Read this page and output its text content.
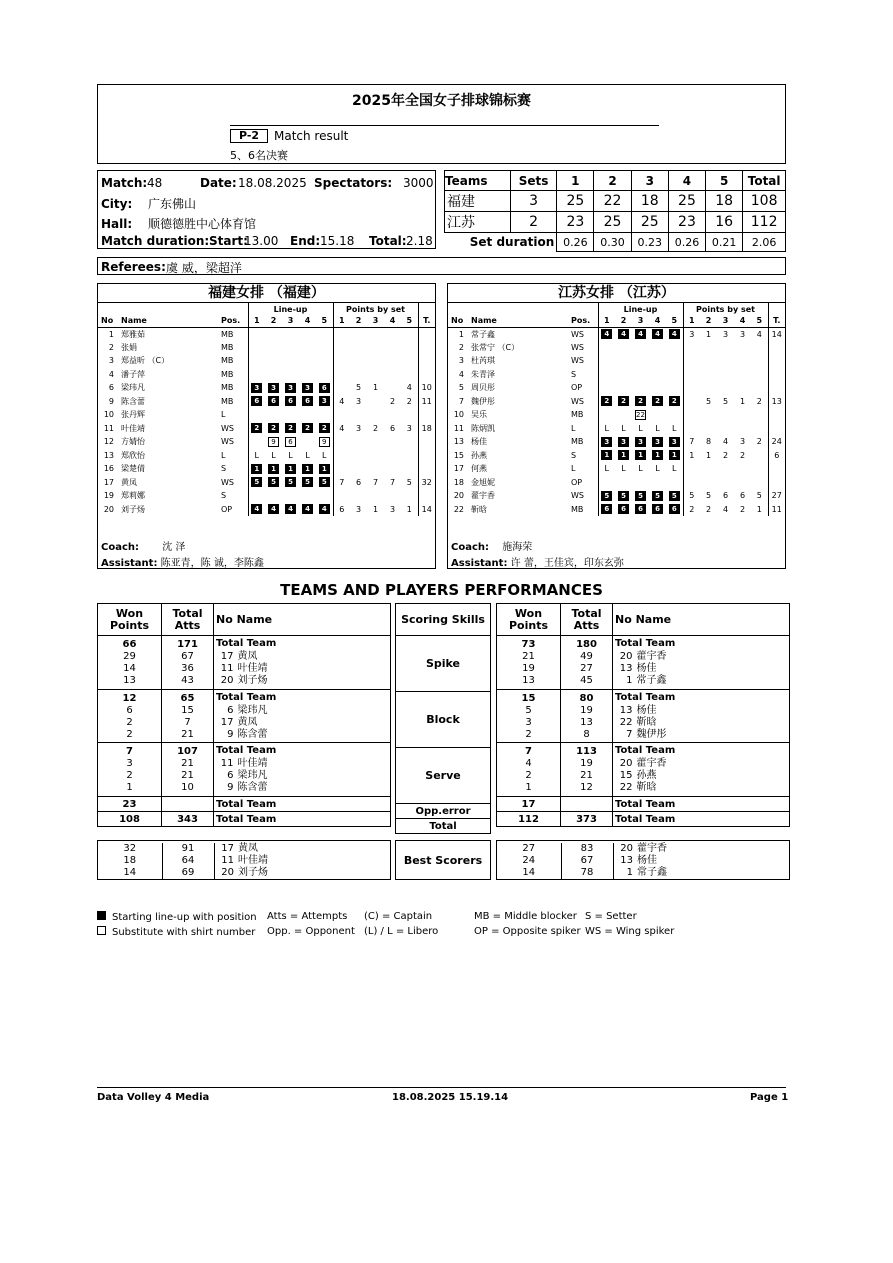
2025年全国女子排球锦标赛
P-2	Match result
5、6名决赛
Match: 48	Date: 18.08.2025 Spectators: 3000
City: 广东佛山
Hall: 顺德德胜中心体育馆
Match duration: Start:
13.00 End: 15.18 Total: 2.18
Teams	Sets	1	2	3	4	5	Total
福建	3	25	22	18	25	18	108
江苏	2	23	25	25	23	16	112
Set duration		0.26	0.30	0.23	0.26	0.21	2.06
Referees: 虞 威，梁超洋
福建女排 （福建）
			Line-up					Points by set					
No	Name	Pos.	1	2	3	4	5	1	2	3	4	5	T.
1	郑雅茹	MB											
2	张娟	MB											
3	郑益昕 （C）	MB											
4	潘子萍	MB											
6	梁玮凡	MB	3	3	3	3	6		5	1		4	10
9	陈含蕾	MB	6	6	6	6	3	4	3		2	2	11
10	张丹辉	L											
11	叶佳靖	WS	2	2	2	2	2	4	3	2	6	3	18
12	方婧怡	WS		9	6		9						
13	郑欣怡	L	L	L	L	L	L						
16	梁楚倩	S	1	1	1	1	1						
17	黄凤	WS	5	5	5	5	5	7	6	7	7	5	32
19	郑莉娜	S											
20	刘子炀	OP	4	4	4	4	4	6	3	1	3	1	14
Coach: 沈 泽
Assistant: 陈亚青，陈 诚，李陈鑫
江苏女排 （江苏）
			Line-up					Points by set					
No	Name	Pos.	1	2	3	4	5	1	2	3	4	5	T.
1	常子鑫	WS	4	4	4	4	4	3	1	3	3	4	14
2	张常宁 （C）	WS											
3	杜芮琪	WS											
4	朱青泽	S											
5	周贝彤	OP											
7	魏伊彤	WS	2	2	2	2	2		5	5	1	2	13
10	吴乐	MB			22								
11	陈炳凯	L	L	L	L	L	L						
13	杨佳	MB	3	3	3	3	3	7	8	4	3	2	24
15	孙燕	S	1	1	1	1	1	1	1	2	2		6
17	何燕	L	L	L	L	L	L						
18	金旭妮	OP											
20	藿宇香	WS	5	5	5	5	5	5	5	6	6	5	27
22	靳晗	MB	6	6	6	6	6	2	2	4	2	1	11
Coach: 施海荣
Assistant: 许 蕾，王佳宾，印东玄弥
TEAMS AND PLAYERS PERFORMANCES
Won Points	Total Atts	No Name	
66	171	Total Team	
29	67	17	黄凤
14	36	11	叶佳靖
13	43	20	刘子炀
12	65	Total Team	
6	15	6	梁玮凡
2	7	17	黄凤
2	21	9	陈含蕾
7	107	Total Team	
3	21	11	叶佳靖
2	21	6	梁玮凡
1	10	9	陈含蕾
23		Total Team	
108	343	Total Team	
Scoring Skills
Spike
Block
Serve
Opp.error
Total
Won Points	Total Atts	No Name	
73	180	Total Team	
21	49	20	藿宇香
19	27	13	杨佳
13	45	1	常子鑫
15	80	Total Team	
5	19	13	杨佳
3	13	22	靳晗
2	8	7	魏伊彤
7	113	Total Team	
4	19	20	藿宇香
2	21	15	孙燕
1	12	22	靳晗
17		Total Team	
112	373	Total Team	
32	91	17	黄凤
18	64	11	叶佳靖
14	69	20	刘子炀
Best Scorers
27	83	20	藿宇香
24	67	13	杨佳
14	78	1	常子鑫
Starting line-up with position
Substitute with shirt number
Atts = Attempts
Opp. = Opponent
(C) = Captain
(L) / L = Libero
MB = Middle blocker
OP = Opposite spiker
S = Setter
WS = Wing spiker
Data Volley 4 Media	18.08.2025 15.19.14	Page 1
